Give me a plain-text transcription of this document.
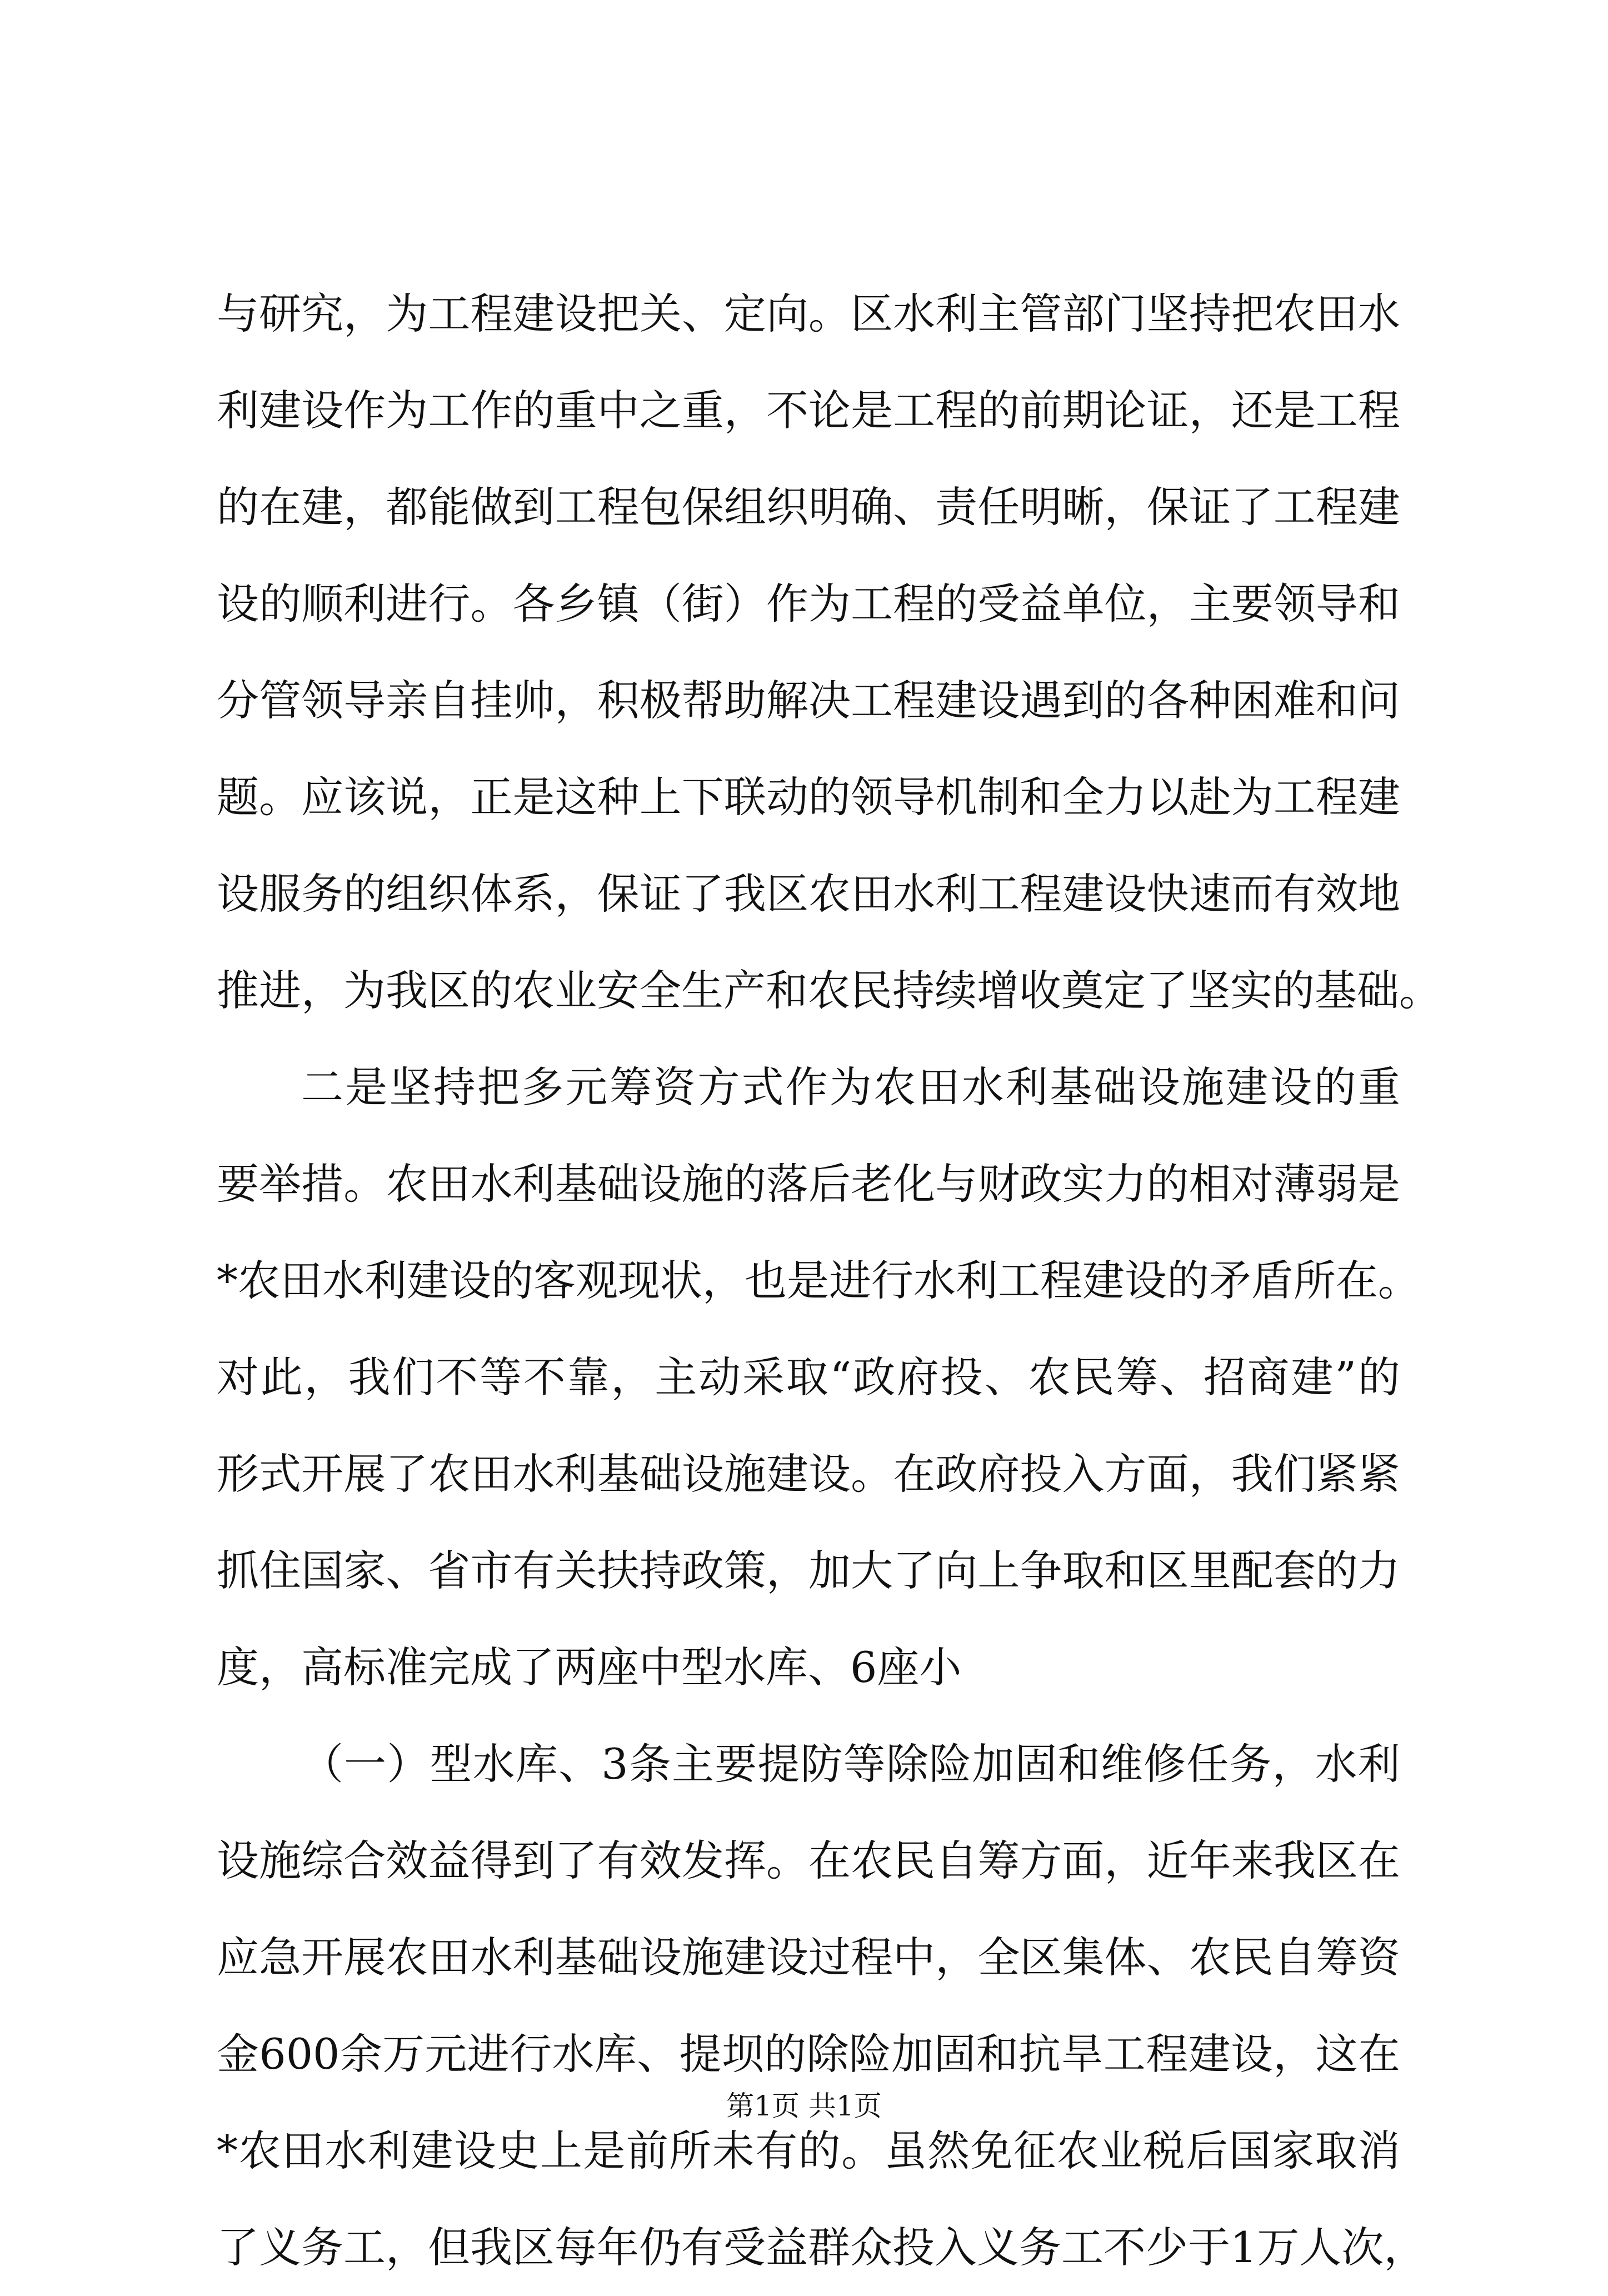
与研究，为工程建设把关、定向。区水利主管部门坚持把农田水
利建设作为工作的重中之重，不论是工程的前期论证，还是工程
的在建，都能做到工程包保组织明确、责任明晰，保证了工程建
设的顺利进行。各乡镇（街）作为工程的受益单位，主要领导和
分管领导亲自挂帅，积极帮助解决工程建设遇到的各种困难和问
题。应该说，正是这种上下联动的领导机制和全力以赴为工程建
设服务的组织体系，保证了我区农田水利工程建设快速而有效地
推进，为我区的农业安全生产和农民持续增收奠定了坚实的基础。
二是坚持把多元筹资方式作为农田水利基础设施建设的重
要举措。农田水利基础设施的落后老化与财政实力的相对薄弱是
*农田水利建设的客观现状，也是进行水利工程建设的矛盾所在。
对此，我们不等不靠，主动采取“政府投、农民筹、招商建”的
形式开展了农田水利基础设施建设。在政府投入方面，我们紧紧
抓住国家、省市有关扶持政策，加大了向上争取和区里配套的力
度，高标准完成了两座中型水库、6座小
（一）型水库、3条主要提防等除险加固和维修任务，水利
设施综合效益得到了有效发挥。在农民自筹方面，近年来我区在
应急开展农田水利基础设施建设过程中，全区集体、农民自筹资
金600余万元进行水库、提坝的除险加固和抗旱工程建设，这在
*农田水利建设史上是前所未有的。虽然免征农业税后国家取消
了义务工，但我区每年仍有受益群众投入义务工不少于1万人次，
第1页 共1页
